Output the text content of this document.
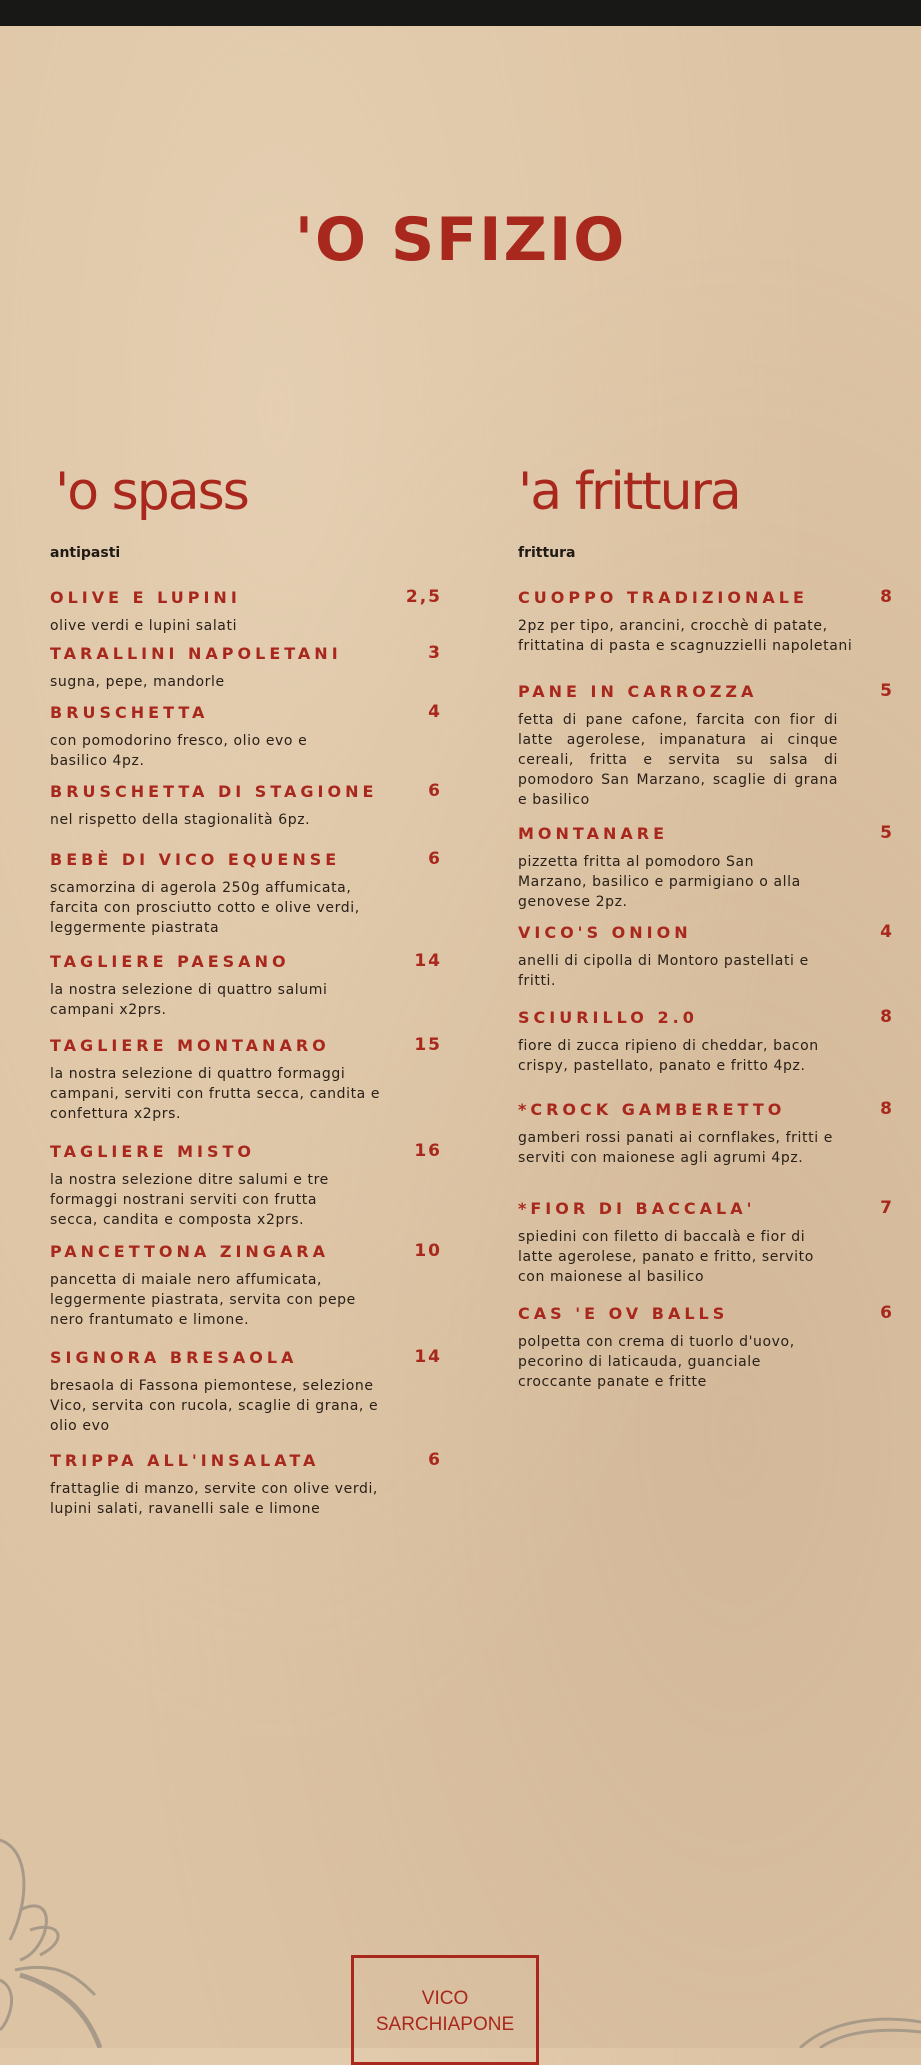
'O SFIZIO
'o spass
antipasti
'a frittura
frittura
OLIVE E LUPINI	2,5
olive verdi e lupini salati
TARALLINI NAPOLETANI	3
sugna, pepe, mandorle
BRUSCHETTA	4
con pomodorino fresco, olio evo e basilico 4pz.
BRUSCHETTA DI STAGIONE	6
nel rispetto della stagionalità 6pz.
BEBÈ DI VICO EQUENSE	6
scamorzina di agerola 250g affumicata, farcita con prosciutto cotto e olive verdi, leggermente piastrata
TAGLIERE PAESANO	14
la nostra selezione di quattro salumi campani x2prs.
TAGLIERE MONTANARO	15
la nostra selezione di quattro formaggi campani, serviti con frutta secca, candita e confettura x2prs.
TAGLIERE MISTO	16
la nostra selezione ditre salumi e tre formaggi nostrani serviti con frutta secca, candita e composta x2prs.
PANCETTONA ZINGARA	10
pancetta di maiale nero affumicata, leggermente piastrata, servita con pepe nero frantumato e limone.
SIGNORA BRESAOLA	14
bresaola di Fassona piemontese, selezione Vico, servita con rucola, scaglie di grana, e olio evo
TRIPPA ALL'INSALATA	6
frattaglie di manzo, servite con olive verdi, lupini salati, ravanelli sale e limone
CUOPPO TRADIZIONALE	8
2pz per tipo, arancini, crocchè di patate, frittatina di pasta e scagnuzzielli napoletani
PANE IN CARROZZA	5
fetta di pane cafone, farcita con fior di latte agerolese, impanatura ai cinque cereali, fritta e servita su salsa di pomodoro San Marzano, scaglie di grana e basilico
MONTANARE	5
pizzetta fritta al pomodoro San Marzano, basilico e parmigiano o alla genovese 2pz.
VICO'S ONION	4
anelli di cipolla di Montoro pastellati e fritti.
SCIURILLO 2.0	8
fiore di zucca ripieno di cheddar, bacon crispy, pastellato, panato e fritto 4pz.
*CROCK GAMBERETTO	8
gamberi rossi panati ai cornflakes, fritti e serviti con maionese agli agrumi 4pz.
*FIOR DI BACCALA'	7
spiedini con filetto di baccalà e fior di latte agerolese, panato e fritto, servito con maionese al basilico
CAS 'E OV BALLS	6
polpetta con crema di tuorlo d'uovo, pecorino di laticauda, guanciale croccante panate e fritte
VICO
SARCHIAPONE
